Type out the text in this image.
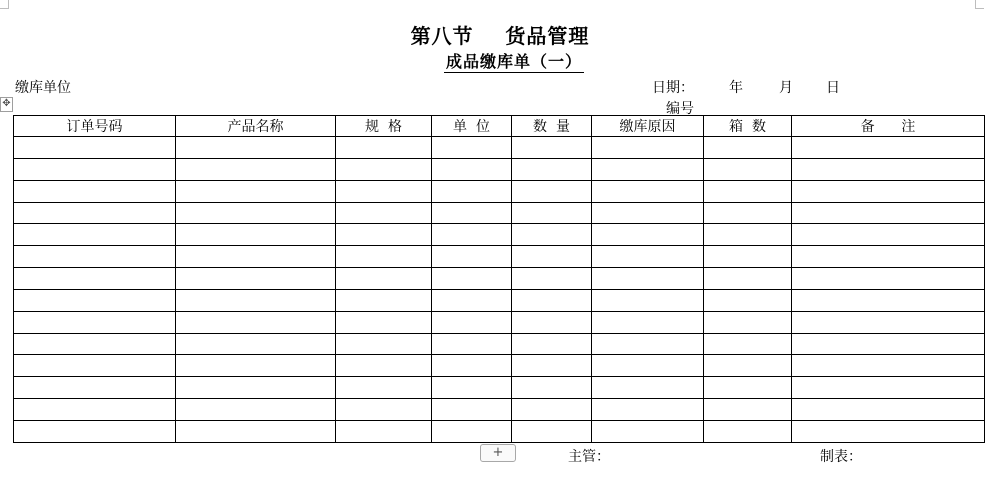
第八节    货品管理
成品缴库单（一）
缴库单位	日期：	年	月 日
编号
✥
订单号码	产品名称	规  格	单  位	数  量	缴库原因	箱  数	备      注

+	主管：	制表：
